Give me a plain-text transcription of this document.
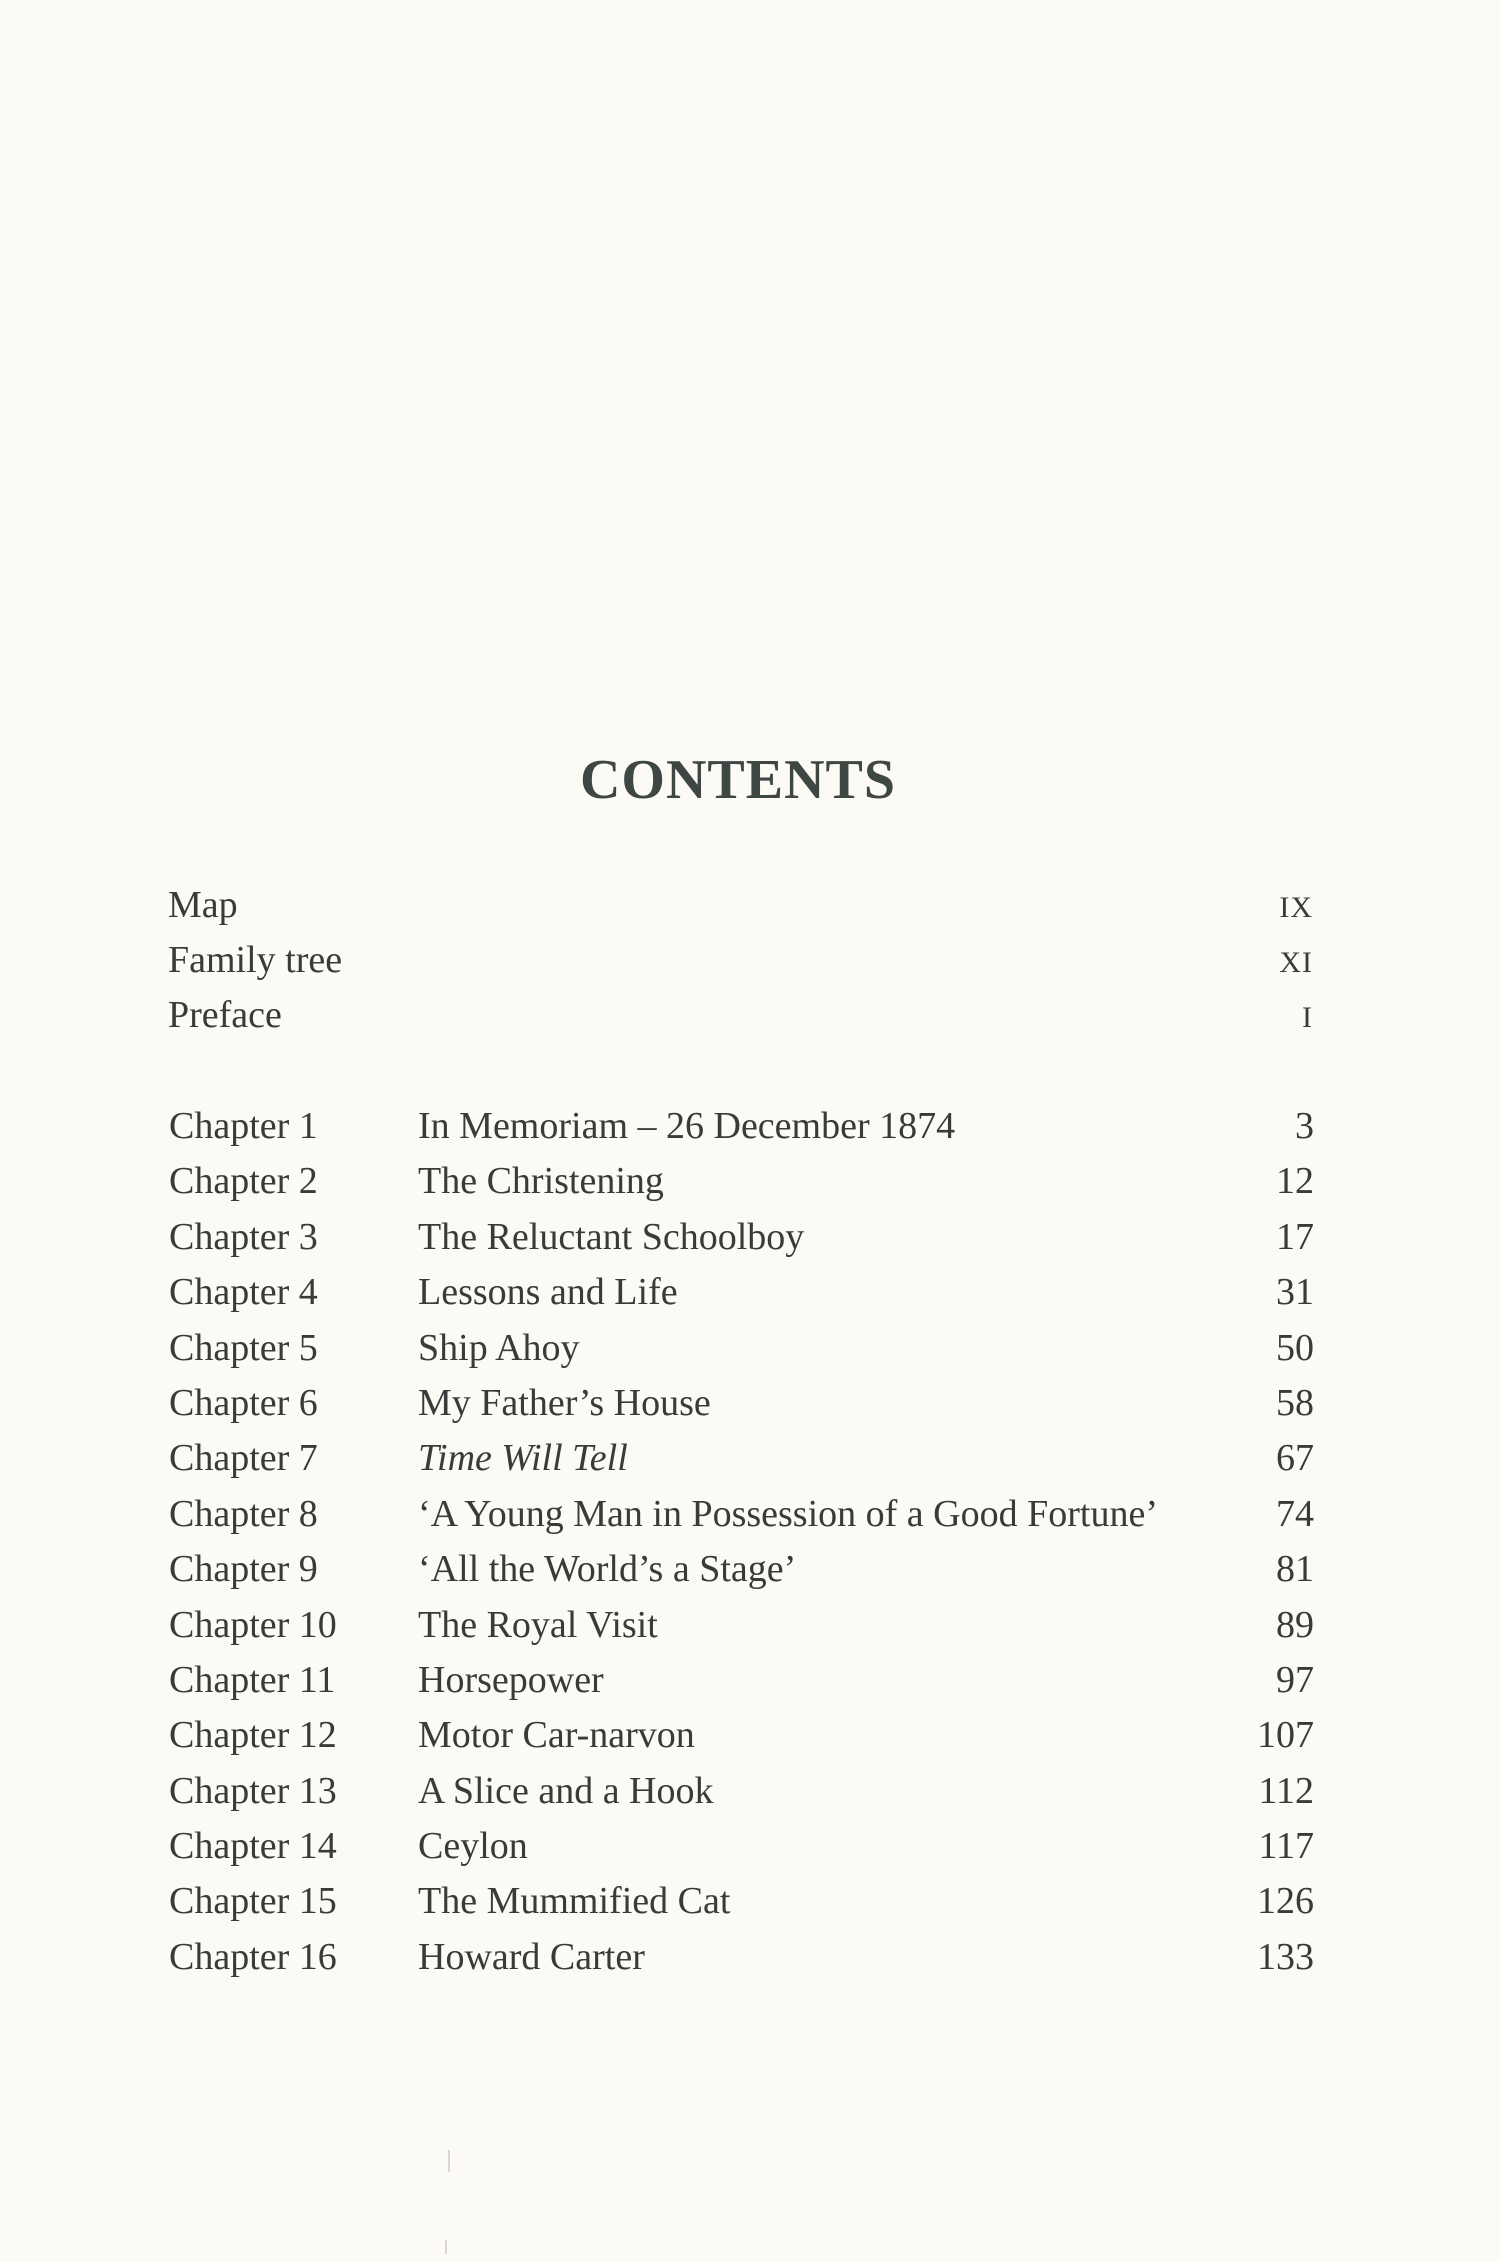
CONTENTS
Map	IX
Family tree	XI
Preface	I
Chapter 1	In Memoriam – 26 December 1874	3
Chapter 2	The Christening	12
Chapter 3	The Reluctant Schoolboy	17
Chapter 4	Lessons and Life	31
Chapter 5	Ship Ahoy	50
Chapter 6	My Father’s House	58
Chapter 7	Time Will Tell	67
Chapter 8	‘A Young Man in Possession of a Good Fortune’	74
Chapter 9	‘All the World’s a Stage’	81
Chapter 10 The Royal Visit	89
Chapter 11 Horsepower	97
Chapter 12 Motor Car-narvon	107
Chapter 13 A Slice and a Hook	112
Chapter 14 Ceylon	117
Chapter 15 The Mummified Cat	126
Chapter 16 Howard Carter	133
